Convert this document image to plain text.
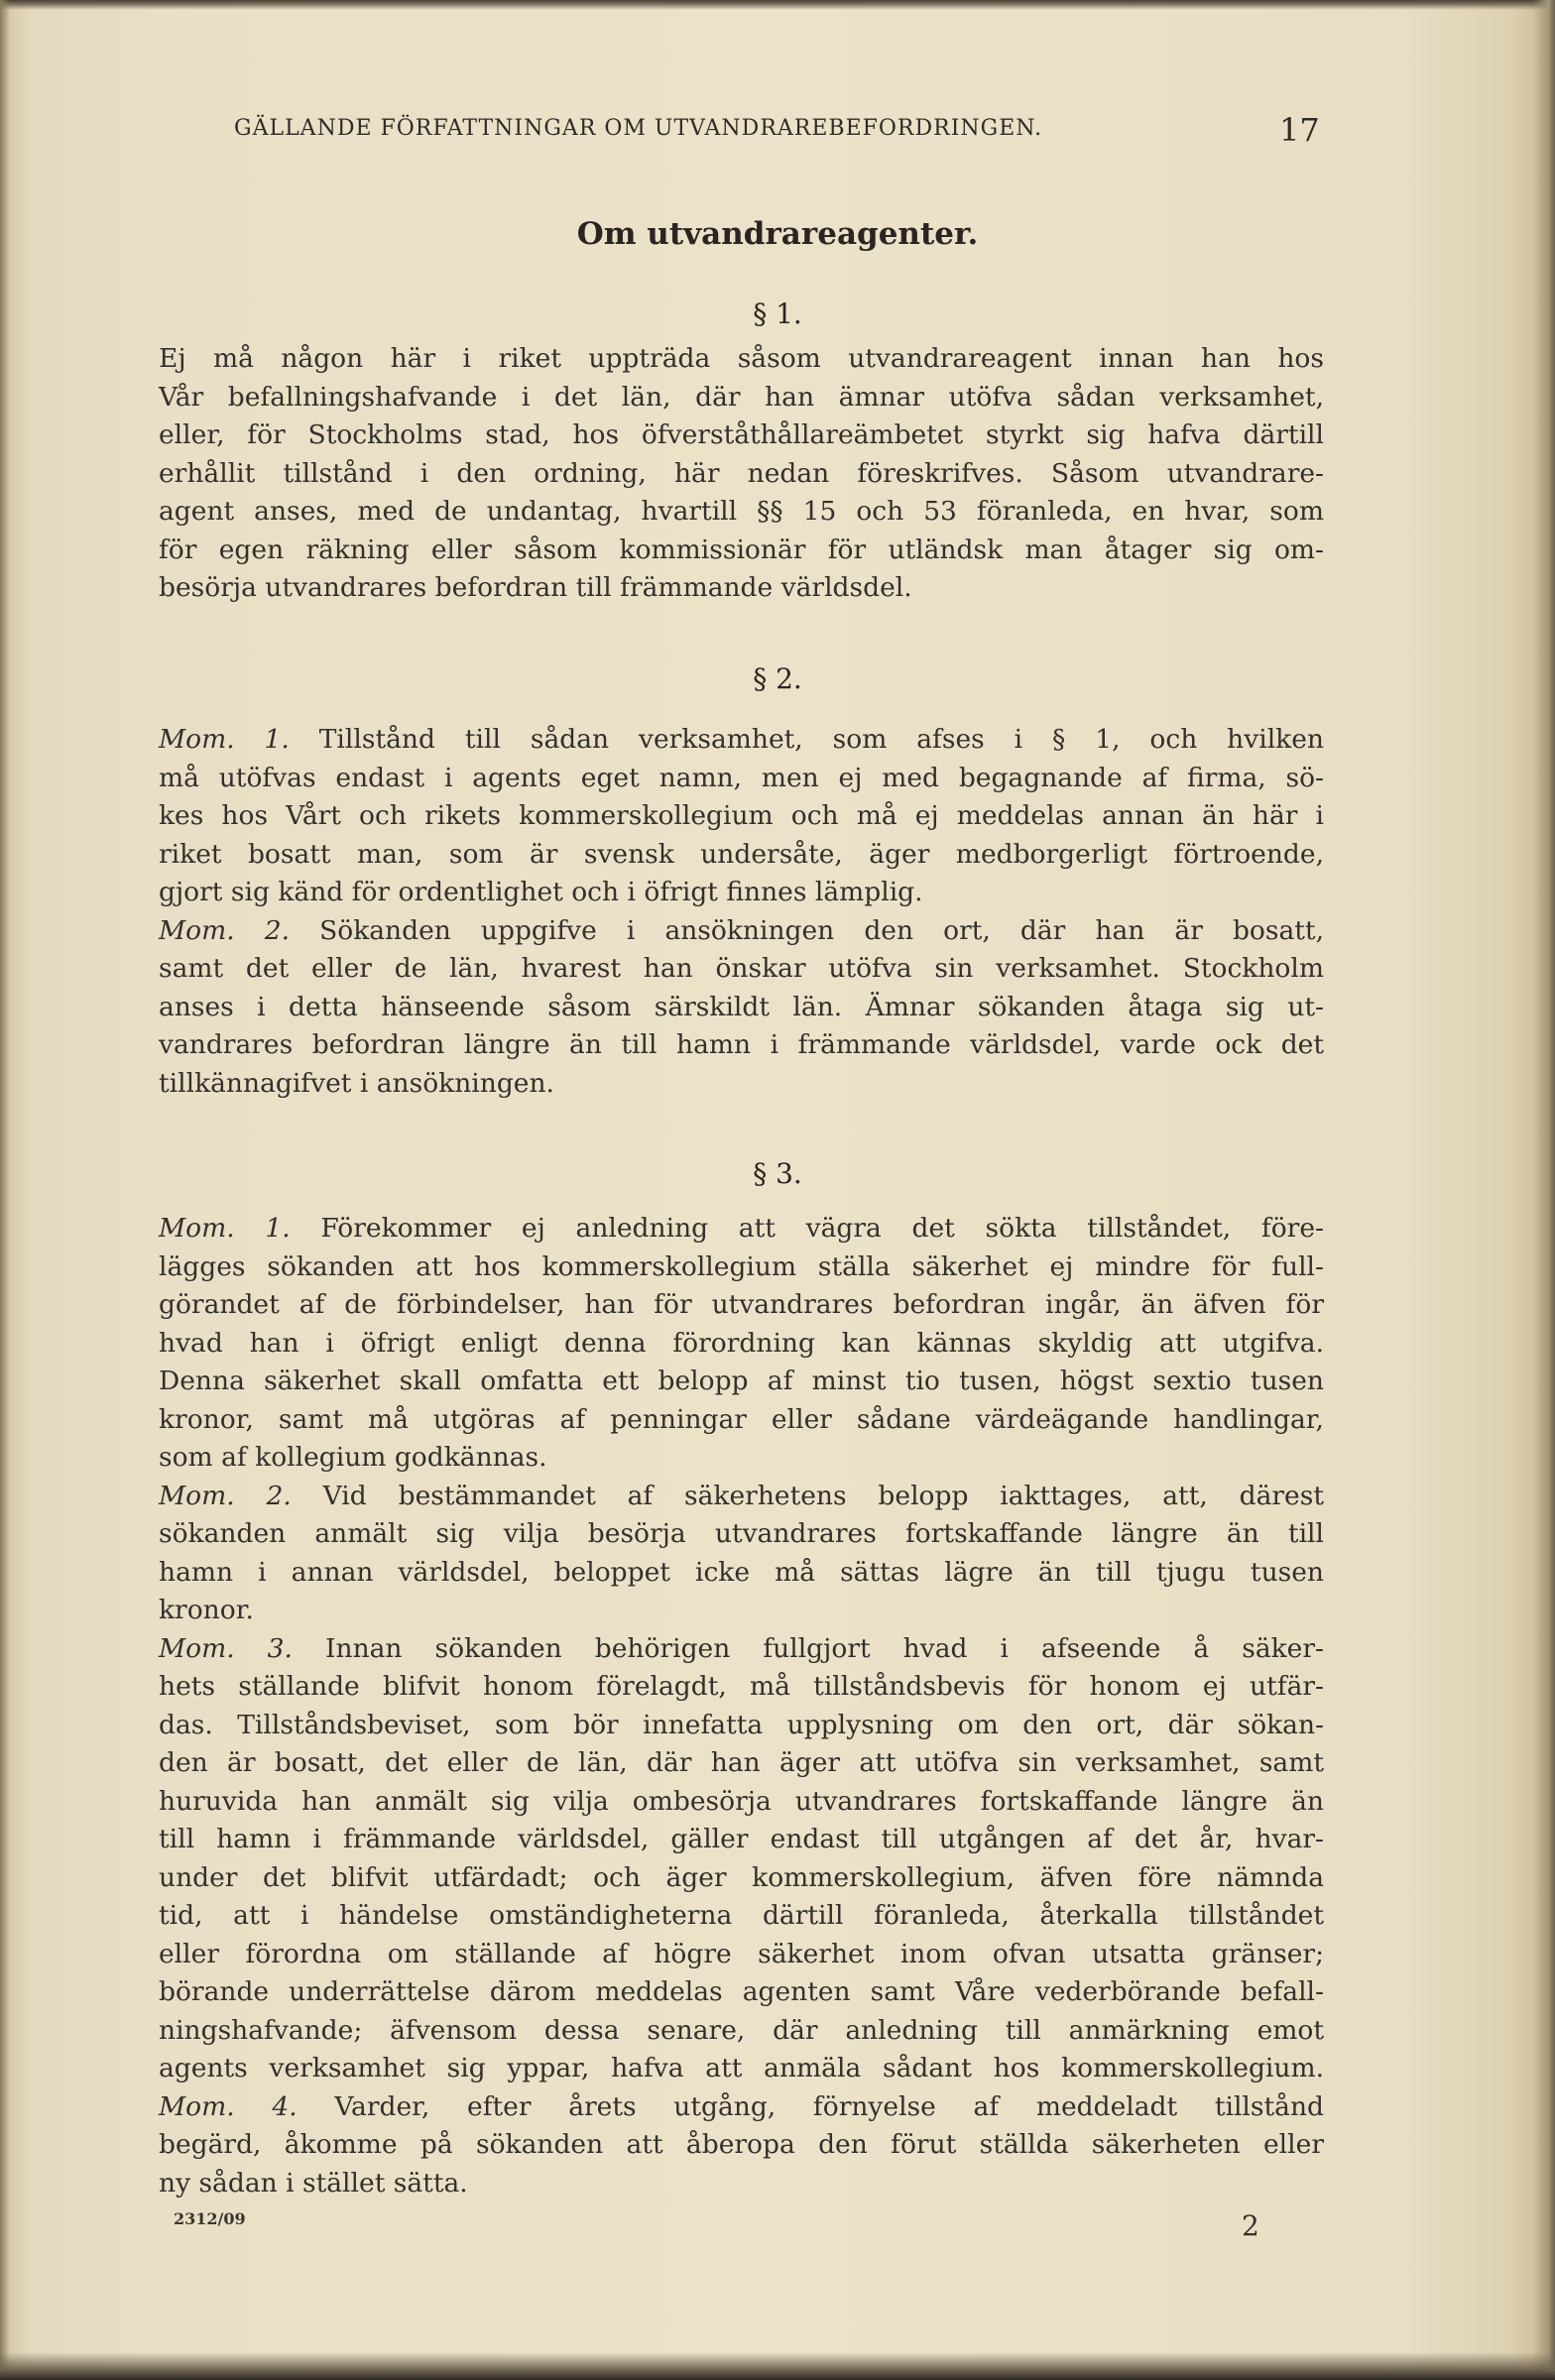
GÄLLANDE FÖRFATTNINGAR OM UTVANDRAREBEFORDRINGEN.	17
Om utvandrareagenter.
§ 1.
Ej må någon här i riket uppträda såsom utvandrareagent innan han hos
Vår befallningshafvande i det län, där han ämnar utöfva sådan verksamhet,
eller, för Stockholms stad, hos öfverståthållareämbetet styrkt sig hafva därtill
erhållit tillstånd i den ordning, här nedan föreskrifves. Såsom utvandrare-
agent anses, med de undantag, hvartill §§ 15 och 53 föranleda, en hvar, som
för egen räkning eller såsom kommissionär för utländsk man åtager sig om-
besörja utvandrares befordran till främmande världsdel.
§ 2.
Mom. 1. Tillstånd till sådan verksamhet, som afses i § 1, och hvilken
må utöfvas endast i agents eget namn, men ej med begagnande af firma, sö-
kes hos Vårt och rikets kommerskollegium och må ej meddelas annan än här i
riket bosatt man, som är svensk undersåte, äger medborgerligt förtroende,
gjort sig känd för ordentlighet och i öfrigt finnes lämplig.
Mom. 2. Sökanden uppgifve i ansökningen den ort, där han är bosatt,
samt det eller de län, hvarest han önskar utöfva sin verksamhet. Stockholm
anses i detta hänseende såsom särskildt län. Ämnar sökanden åtaga sig ut-
vandrares befordran längre än till hamn i främmande världsdel, varde ock det
tillkännagifvet i ansökningen.
§ 3.
Mom. 1. Förekommer ej anledning att vägra det sökta tillståndet, före-
lägges sökanden att hos kommerskollegium ställa säkerhet ej mindre för full-
görandet af de förbindelser, han för utvandrares befordran ingår, än äfven för
hvad han i öfrigt enligt denna förordning kan kännas skyldig att utgifva.
Denna säkerhet skall omfatta ett belopp af minst tio tusen, högst sextio tusen
kronor, samt må utgöras af penningar eller sådane värdeägande handlingar,
som af kollegium godkännas.
Mom. 2. Vid bestämmandet af säkerhetens belopp iakttages, att, därest
sökanden anmält sig vilja besörja utvandrares fortskaffande längre än till
hamn i annan världsdel, beloppet icke må sättas lägre än till tjugu tusen
kronor.
Mom. 3. Innan sökanden behörigen fullgjort hvad i afseende å säker-
hets ställande blifvit honom förelagdt, må tillståndsbevis för honom ej utfär-
das. Tillståndsbeviset, som bör innefatta upplysning om den ort, där sökan-
den är bosatt, det eller de län, där han äger att utöfva sin verksamhet, samt
huruvida han anmält sig vilja ombesörja utvandrares fortskaffande längre än
till hamn i främmande världsdel, gäller endast till utgången af det år, hvar-
under det blifvit utfärdadt; och äger kommerskollegium, äfven före nämnda
tid, att i händelse omständigheterna därtill föranleda, återkalla tillståndet
eller förordna om ställande af högre säkerhet inom ofvan utsatta gränser;
börande underrättelse därom meddelas agenten samt Våre vederbörande befall-
ningshafvande; äfvensom dessa senare, där anledning till anmärkning emot
agents verksamhet sig yppar, hafva att anmäla sådant hos kommerskollegium.
Mom. 4. Varder, efter årets utgång, förnyelse af meddeladt tillstånd
begärd, åkomme på sökanden att åberopa den förut ställda säkerheten eller
ny sådan i stället sätta.
2312/09	2
